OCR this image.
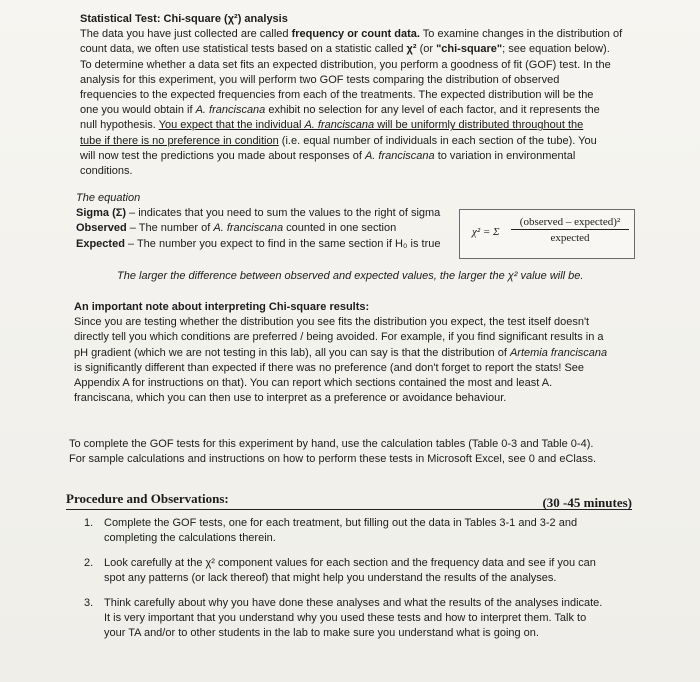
Statistical Test: Chi-square (χ²) analysis
The data you have just collected are called frequency or count data. To examine changes in the distribution of
count data, we often use statistical tests based on a statistic called χ² (or "chi-square"; see equation below).
To determine whether a data set fits an expected distribution, you perform a goodness of fit (GOF) test. In the
analysis for this experiment, you will perform two GOF tests comparing the distribution of observed
frequencies to the expected frequencies from each of the treatments. The expected distribution will be the
one you would obtain if A. franciscana exhibit no selection for any level of each factor, and it represents the
null hypothesis. You expect that the individual A. franciscana will be uniformly distributed throughout the
tube if there is no preference in condition (i.e. equal number of individuals in each section of the tube). You
will now test the predictions you made about responses of A. franciscana to variation in environmental
conditions.
The equation
Sigma (Σ) – indicates that you need to sum the values to the right of sigma
Observed – The number of A. franciscana counted in one section
Expected – The number you expect to find in the same section if H₀ is true
χ² = Σ
(observed – expected)²
expected
The larger the difference between observed and expected values, the larger the χ² value will be.
An important note about interpreting Chi-square results:
Since you are testing whether the distribution you see fits the distribution you expect, the test itself doesn't
directly tell you which conditions are preferred / being avoided. For example, if you find significant results in a
pH gradient (which we are not testing in this lab), all you can say is that the distribution of Artemia franciscana
is significantly different than expected if there was no preference (and don't forget to report the stats! See
Appendix A for instructions on that). You can report which sections contained the most and least A.
franciscana, which you can then use to interpret as a preference or avoidance behaviour.
To complete the GOF tests for this experiment by hand, use the calculation tables (Table 0-3 and Table 0-4).
For sample calculations and instructions on how to perform these tests in Microsoft Excel, see 0 and eClass.
Procedure and Observations:	(30 -45 minutes)
1. Complete the GOF tests, one for each treatment, but filling out the data in Tables 3-1 and 3-2 and
completing the calculations therein.
2. Look carefully at the χ² component values for each section and the frequency data and see if you can
spot any patterns (or lack thereof) that might help you understand the results of the analyses.
3. Think carefully about why you have done these analyses and what the results of the analyses indicate.
It is very important that you understand why you used these tests and how to interpret them. Talk to
your TA and/or to other students in the lab to make sure you understand what is going on.
